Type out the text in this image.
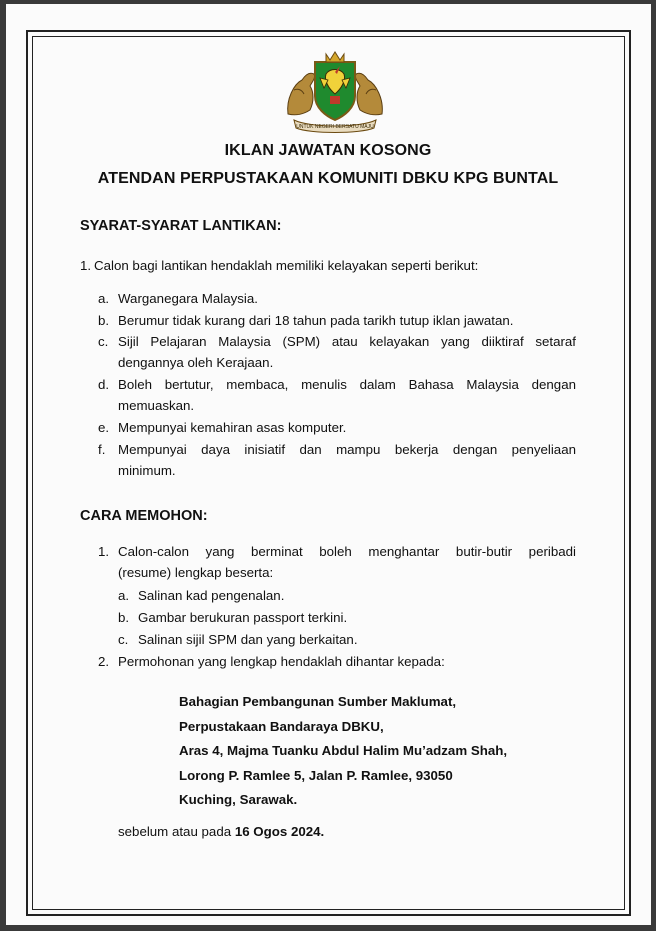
UNTUK NEGERI BERSATU MAJU
IKLAN JAWATAN KOSONG
ATENDAN PERPUSTAKAAN KOMUNITI DBKU KPG BUNTAL
SYARAT-SYARAT LANTIKAN:
1. Calon bagi lantikan hendaklah memiliki kelayakan seperti berikut:
a. Warganegara Malaysia.
b. Berumur tidak kurang dari 18 tahun pada tarikh tutup iklan jawatan.
c. Sijil Pelajaran Malaysia (SPM) atau kelayakan yang diiktiraf setaraf
dengannya oleh Kerajaan.
d. Boleh bertutur, membaca, menulis dalam Bahasa Malaysia dengan
memuaskan.
e. Mempunyai kemahiran asas komputer.
f. Mempunyai daya inisiatif dan mampu bekerja dengan penyeliaan
minimum.
CARA MEMOHON:
1. Calon-calon yang berminat boleh menghantar butir-butir peribadi
(resume) lengkap beserta:
a. Salinan kad pengenalan.
b. Gambar berukuran passport terkini.
c. Salinan sijil SPM dan yang berkaitan.
2. Permohonan yang lengkap hendaklah dihantar kepada:
Bahagian Pembangunan Sumber Maklumat,
Perpustakaan Bandaraya DBKU,
Aras 4, Majma Tuanku Abdul Halim Mu’adzam Shah,
Lorong P. Ramlee 5, Jalan P. Ramlee, 93050
Kuching, Sarawak.
sebelum atau pada 16 Ogos 2024.
